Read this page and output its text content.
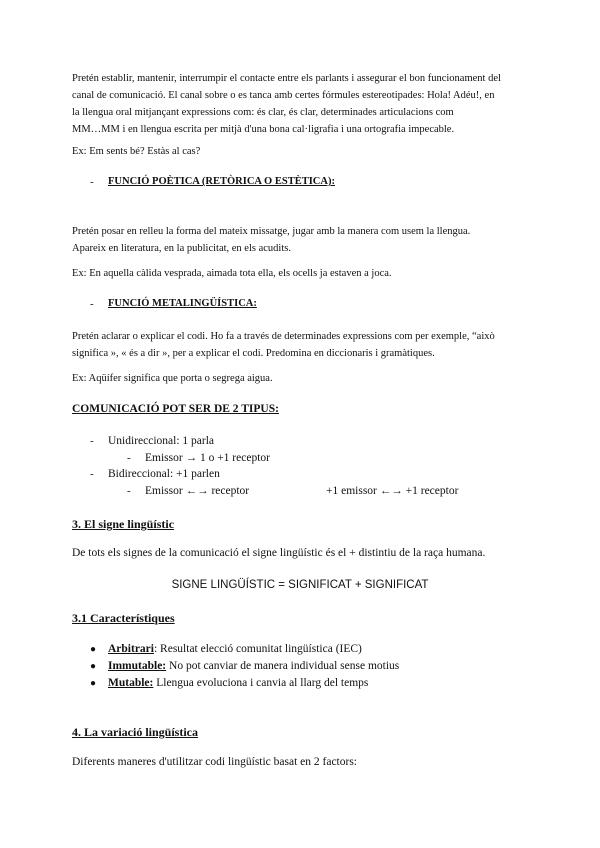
Pretén establir, mantenir, interrumpir el contacte entre els parlants i assegurar el bon funcionament del
canal de comunicació. El canal sobre o es tanca amb certes fórmules estereotipades: Hola! Adéu!, en
la llengua oral mitjançant expressions com: és clar, és clar, determinades articulacions com
MM…MM i en llengua escrita per mitjà d'una bona cal·ligrafia i una ortografia impecable.
Ex: Em sents bé? Estàs al cas?
- FUNCIÓ POÈTICA (RETÒRICA O ESTÈTICA):
Pretén posar en relleu la forma del mateix missatge, jugar amb la manera com usem la llengua.
Apareix en literatura, en la publicitat, en els acudits.
Ex: En aquella càlida vesprada, aimada tota ella, els ocells ja estaven a joca.
- FUNCIÓ METALINGÜÍSTICA:
Pretén aclarar o explicar el codi. Ho fa a través de determinades expressions com per exemple, “això
significa », « és a dir », per a explicar el codi. Predomina en diccionaris i gramàtiques.
Ex: Aqüífer significa que porta o segrega aigua.
COMUNICACIÓ POT SER DE 2 TIPUS:
- Unidireccional: 1 parla
- Emissor → 1 o +1 receptor
- Bidireccional: +1 parlen
- Emissor ←→ receptor	+1 emissor ←→ +1 receptor
3. El signe lingüístic
De tots els signes de la comunicació el signe lingüístic és el + distintiu de la raça humana.
SIGNE LINGÜÍSTIC = SIGNIFICAT + SIGNIFICAT
3.1 Característiques
● Arbitrari: Resultat elecció comunitat lingüística (IEC)
● Immutable: No pot canviar de manera individual sense motius
● Mutable: Llengua evoluciona i canvia al llarg del temps
4. La variació lingüística
Diferents maneres d'utilitzar codi lingüístic basat en 2 factors:
